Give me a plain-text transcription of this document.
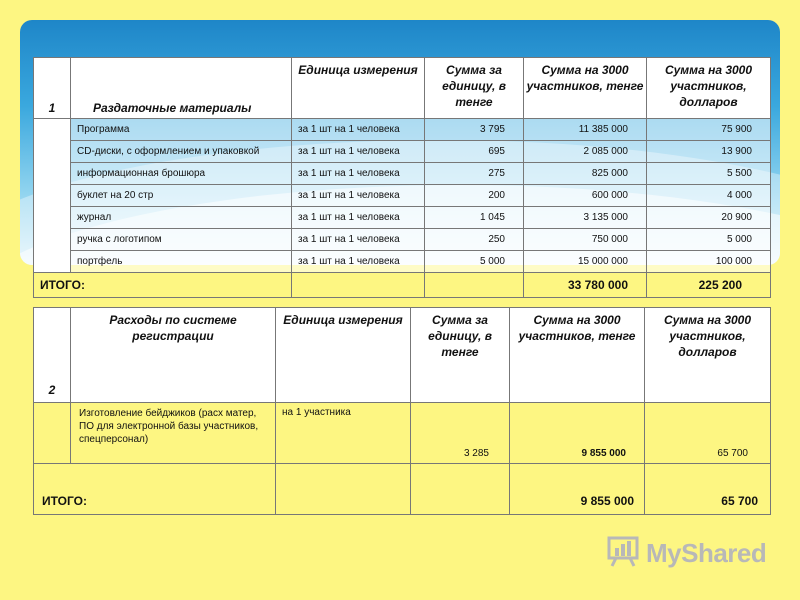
1	Раздаточные материалы	Единица измерения	Сумма за единицу, в тенге	Сумма на 3000 участников, тенге	Сумма на 3000 участников, долларов
	Программа	за 1 шт на 1 человека	3 795	11 385 000	75 900
	CD-диски, с оформлением и упаковкой	за 1 шт на 1 человека	695	2 085 000	13 900
	информационная брошюра	за 1 шт на 1 человека	275	825 000	5 500
	буклет на 20 стр	за 1 шт на 1 человека	200	600 000	4 000
	журнал	за 1 шт на 1 человека	1 045	3 135 000	20 900
	ручка с логотипом	за 1 шт на 1 человека	250	750 000	5 000
	портфель	за 1 шт на 1 человека	5 000	15 000 000	100 000
ИТОГО:				33 780 000	225 200
2	Расходы по системе регистрации	Единица измерения	Сумма за единицу, в тенге	Сумма на 3000 участников, тенге	Сумма на 3000 участников, долларов
	Изготовление бейджиков (расх матер, ПО для электронной базы участников, спецперсонал)	на 1 участника	3 285	9 855 000	65 700
ИТОГО:				9 855 000	65 700
MyShared
